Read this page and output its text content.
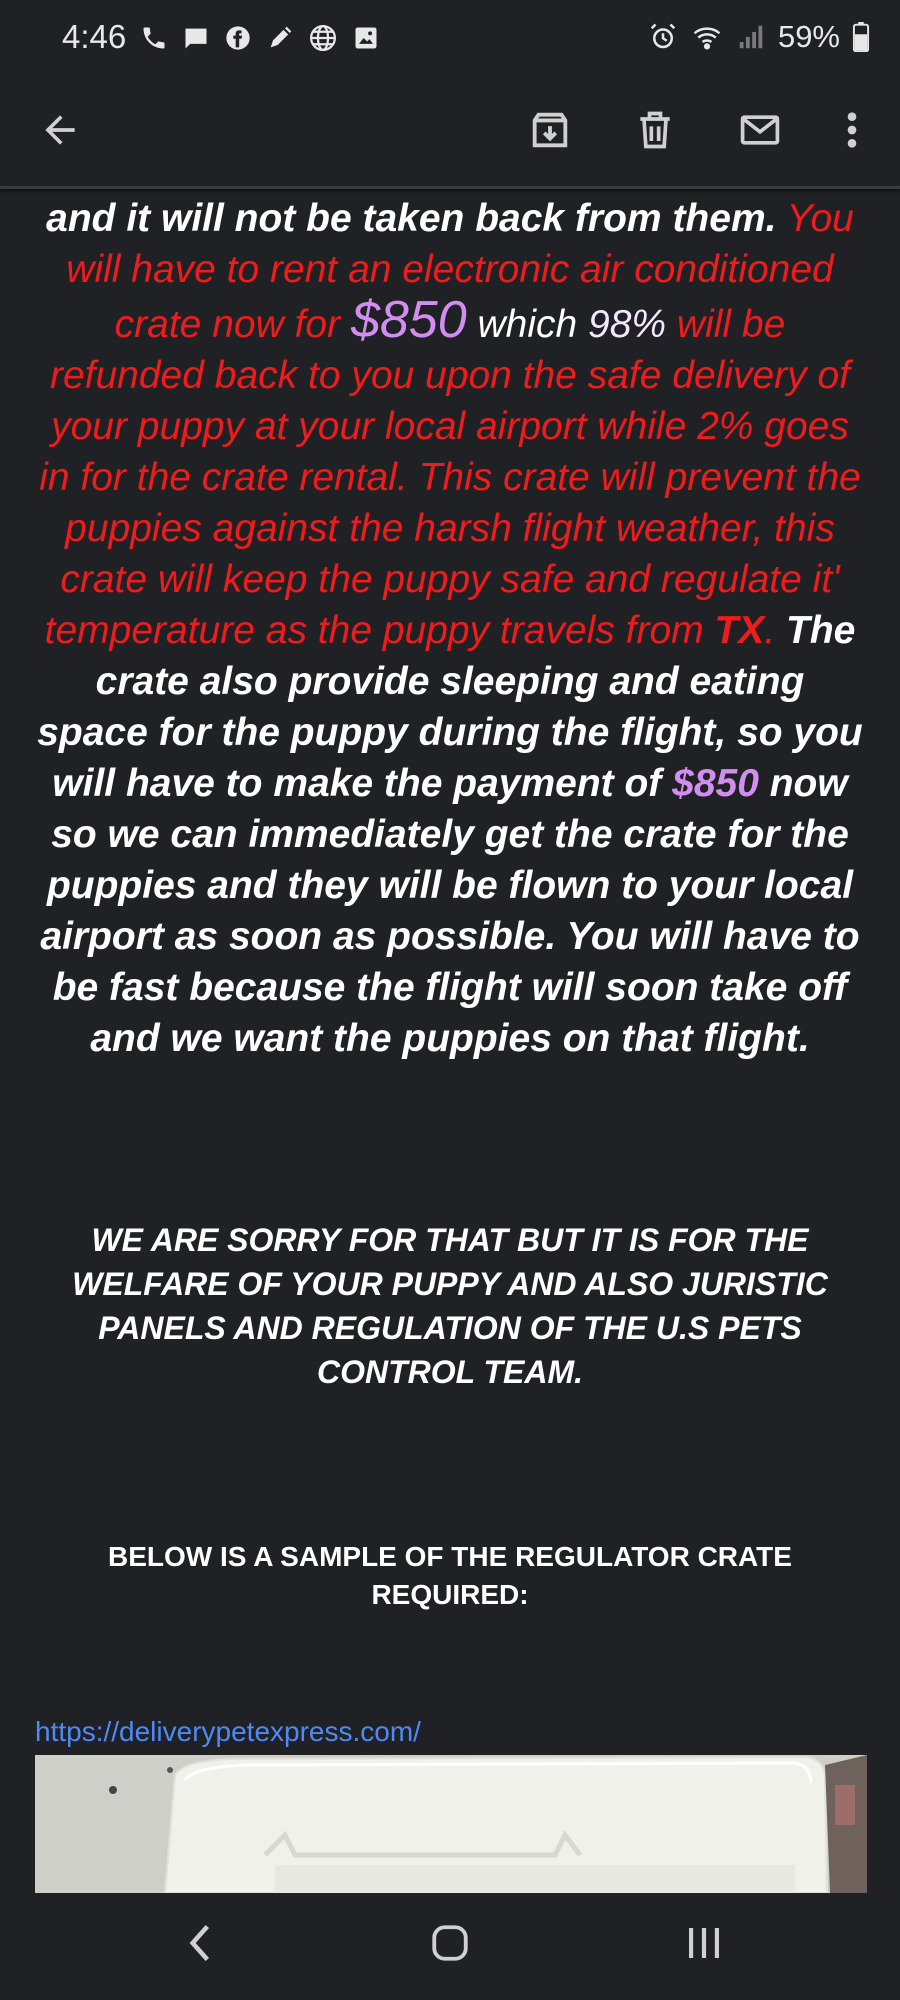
4:46	59%
and it will not be taken back from them. You will have to rent an electronic air conditioned crate now for $850 which 98% will be refunded back to you upon the safe delivery of your puppy at your local airport while 2% goes in for the crate rental. This crate will prevent the puppies against the harsh flight weather, this crate will keep the puppy safe and regulate it' temperature as the puppy travels from TX. The crate also provide sleeping and eating space for the puppy during the flight, so you will have to make the payment of $850 now so we can immediately get the crate for the puppies and they will be flown to your local airport as soon as possible. You will have to be fast because the flight will soon take off and we want the puppies on that flight.
WE ARE SORRY FOR THAT BUT IT IS FOR THE WELFARE OF YOUR PUPPY AND ALSO JURISTIC PANELS AND REGULATION OF THE U.S PETS CONTROL TEAM.
BELOW IS A SAMPLE OF THE REGULATOR CRATE REQUIRED:
https://deliverypetexpress.com/
